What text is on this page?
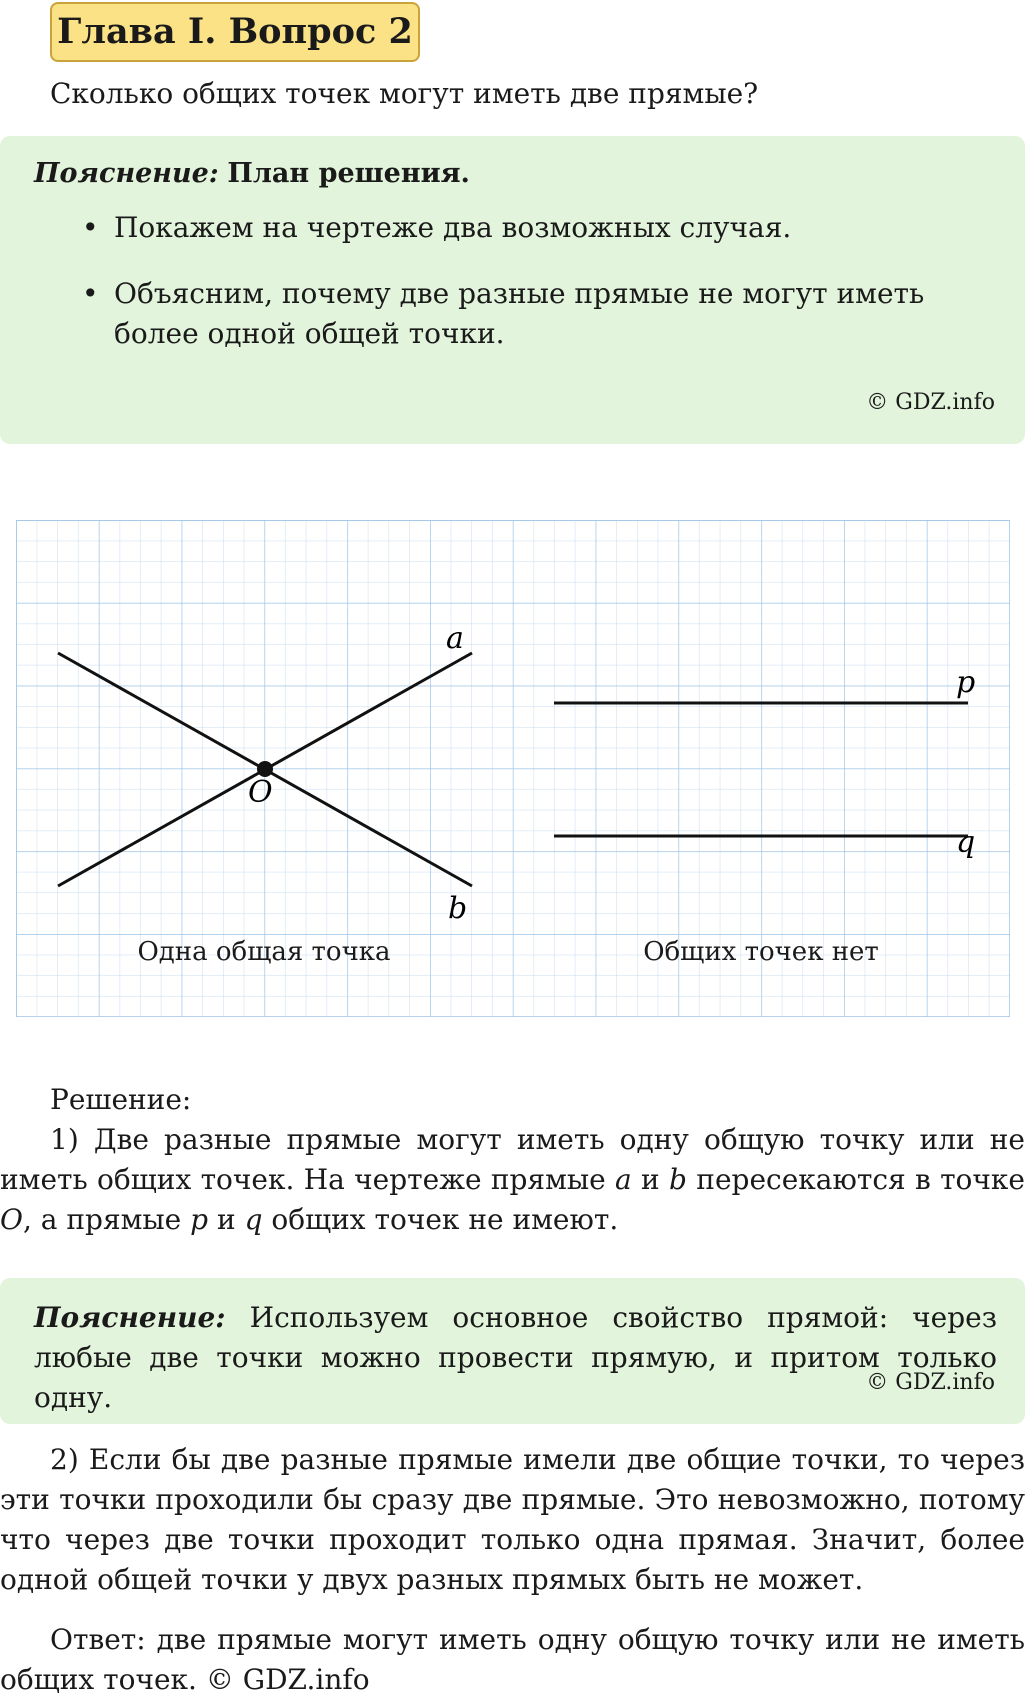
Глава I. Вопрос 2
Сколько общих точек могут иметь две прямые?
Пояснение: План решения.
• Покажем на чертеже два возможных случая.
• Объясним, почему две разные прямые не могут иметь более одной общей точки.
© GDZ.info
a
b
O
p
q
Одна общая точка	Общих точек нет

Решение:

1) Две разные прямые могут иметь одну общую точку или не иметь общих точек. На чертеже прямые a и b пересекаются в точке O, а прямые p и q общих точек не имеют.

Пояснение: Используем основное свойство прямой: через любые две точки можно провести прямую, и притом только одну.	© GDZ.info

2) Если бы две разные прямые имели две общие точки, то через эти точки проходили бы сразу две прямые. Это невозможно, потому что через две точки проходит только одна прямая. Значит, более одной общей точки у двух разных прямых быть не может.

Ответ: две прямые могут иметь одну общую точку или не иметь общих точек. © GDZ.info
